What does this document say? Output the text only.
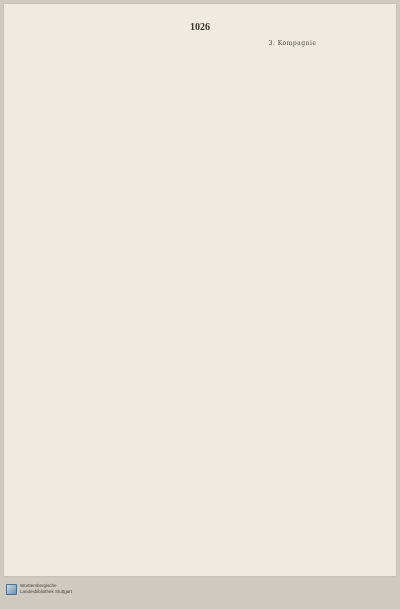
1026
3. Kompagnie
Württembergische
Landesbibliothek Stuttgart
